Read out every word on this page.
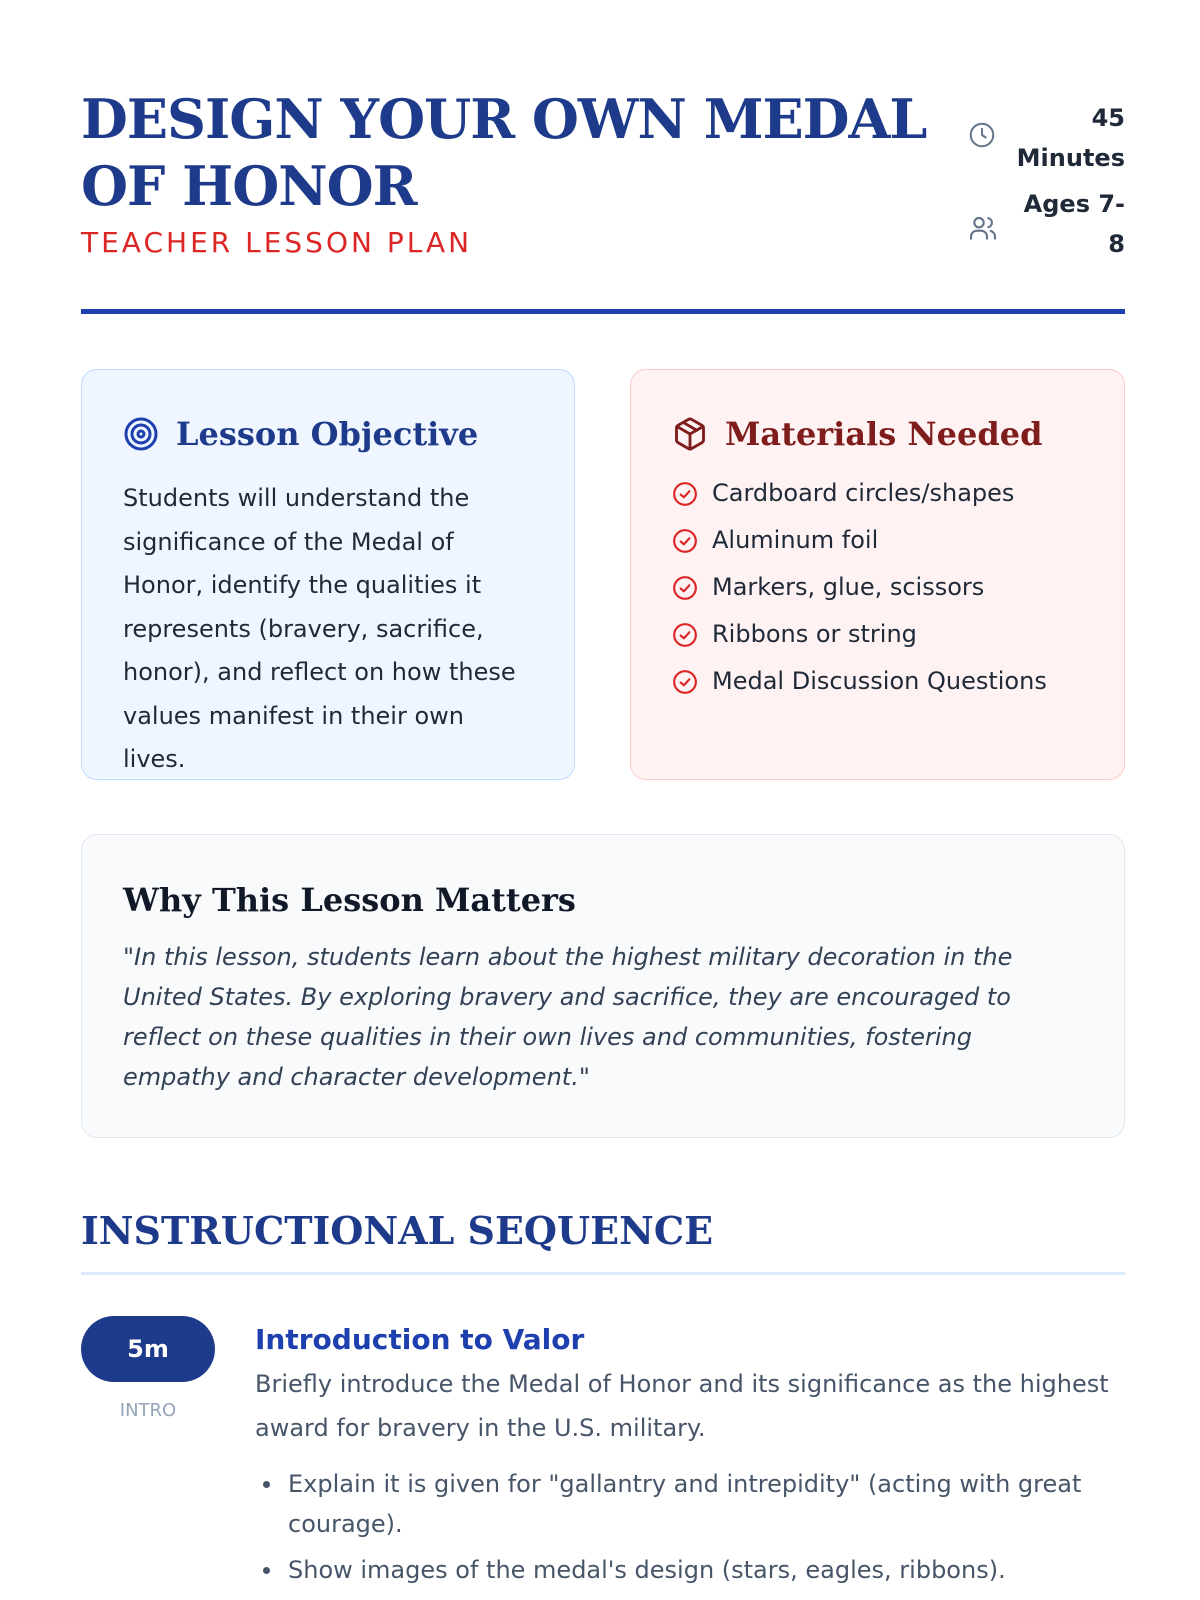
DESIGN YOUR OWN MEDAL OF HONOR
TEACHER LESSON PLAN
45 Minutes
Ages 7-8
Lesson Objective

Students will understand the significance of the Medal of Honor, identify the qualities it represents (bravery, sacrifice, honor), and reflect on how these values manifest in their own lives.

Materials Needed
Cardboard circles/shapes
Aluminum foil
Markers, glue, scissors
Ribbons or string
Medal Discussion Questions
Why This Lesson Matters

"In this lesson, students learn about the highest military decoration in the United States. By exploring bravery and sacrifice, they are encouraged to reflect on these qualities in their own lives and communities, fostering empathy and character development."

INSTRUCTIONAL SEQUENCE
5m
INTRO
Introduction to Valor

Briefly introduce the Medal of Honor and its significance as the highest award for bravery in the U.S. military.

Explain it is given for "gallantry and intrepidity" (acting with great courage).
Show images of the medal's design (stars, eagles, ribbons).
